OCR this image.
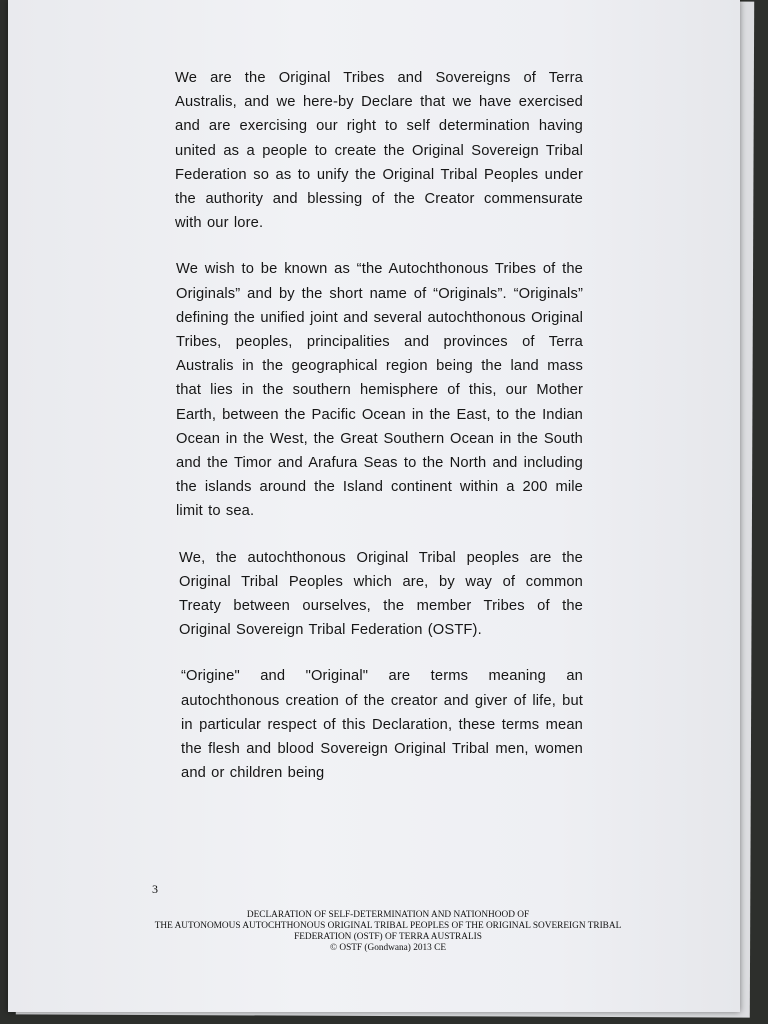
We are the Original Tribes and Sovereigns of Terra Australis, and we here-by Declare that we have exercised and are exercising our right to self determination having united as a people to create the Original Sovereign Tribal Federation so as to unify the Original Tribal Peoples under the authority and blessing of the Creator commensurate with our lore.

We wish to be known as “the Autochthonous Tribes of the Originals” and by the short name of “Originals”. “Originals” defining the unified joint and several autochthonous Original Tribes, peoples, principalities and provinces of Terra Australis in the geographical region being the land mass that lies in the southern hemisphere of this, our Mother Earth, between the Pacific Ocean in the East, to the Indian Ocean in the West, the Great Southern Ocean in the South and the Timor and Arafura Seas to the North and including the islands around the Island continent within a 200 mile limit to sea.

We, the autochthonous Original Tribal peoples are the Original Tribal Peoples which are, by way of common Treaty between ourselves, the member Tribes of the Original Sovereign Tribal Federation (OSTF).

“Origine" and "Original" are terms meaning an autochthonous creation of the creator and giver of life, but in particular respect of this Declaration, these terms mean the flesh and blood Sovereign Original Tribal men, women and or children being

3
DECLARATION OF SELF-DETERMINATION AND NATIONHOOD OF
THE AUTONOMOUS AUTOCHTHONOUS ORIGINAL TRIBAL PEOPLES OF THE ORIGINAL SOVEREIGN TRIBAL
FEDERATION (OSTF) OF TERRA AUSTRALIS
© OSTF (Gondwana) 2013 CE
